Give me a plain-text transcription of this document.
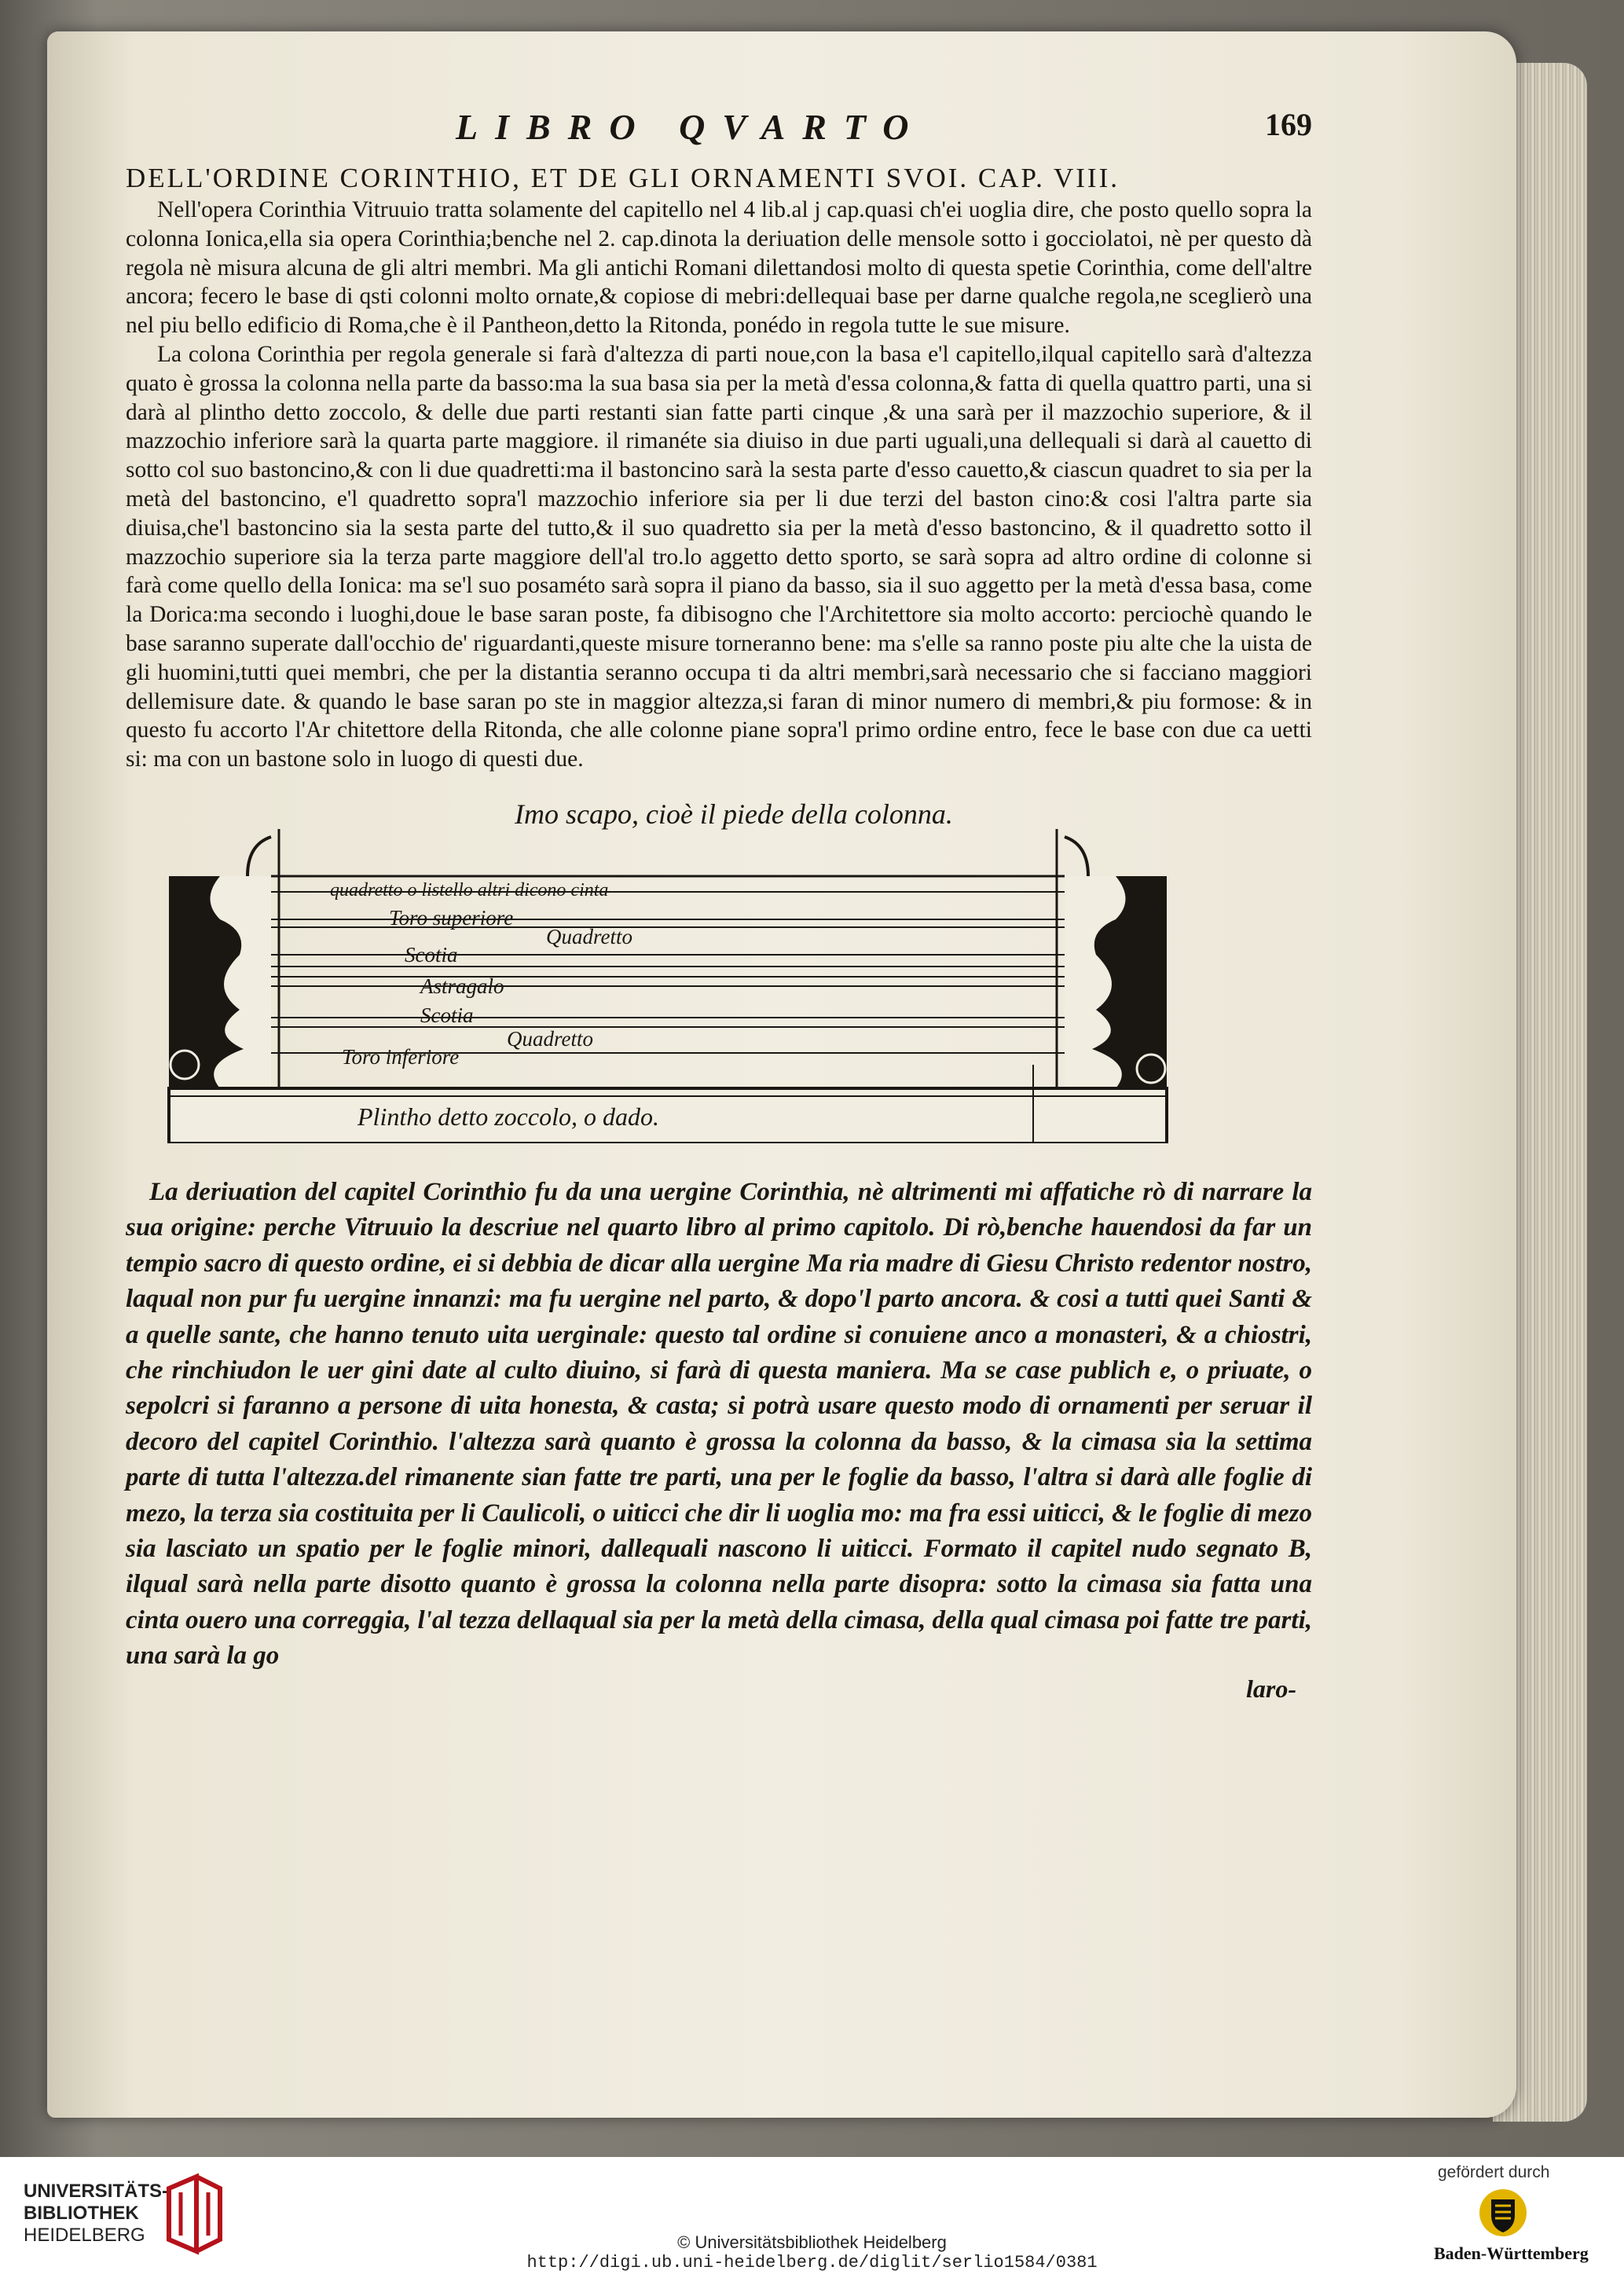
LIBRO QVARTO	169
DELL'ORDINE CORINTHIO, ET DE GLI ORNAMENTI SVOI. CAP. VIII.

Nell'opera Corinthia Vitruuio tratta solamente del capitello nel 4 lib.al j cap.quasi ch'ei uoglia dire, che posto quello sopra la colonna Ionica,ella sia opera Corinthia;benche nel 2. cap.dinota la deriuation delle mensole sotto i gocciolatoi, nè per questo dà regola nè misura alcuna de gli altri membri. Ma gli antichi Romani dilettandosi molto di questa spetie Corinthia, come dell'altre ancora; fecero le base di qsti colonni molto ornate,& copiose di mebri:dellequai base per darne qualche regola,ne sceglierò una nel piu bello edificio di Roma,che è il Pantheon,detto la Ritonda, ponédo in regola tutte le sue misure.

La colona Corinthia per regola generale si farà d'altezza di parti noue,con la basa e'l capitello,ilqual capitello sarà d'altezza quato è grossa la colonna nella parte da basso:ma la sua basa sia per la metà d'essa colonna,& fatta di quella quattro parti, una si darà al plintho detto zoccolo, & delle due parti restanti sian fatte parti cinque ,& una sarà per il mazzochio superiore, & il mazzochio inferiore sarà la quarta parte maggiore. il rimanéte sia diuiso in due parti uguali,una dellequali si darà al cauetto di sotto col suo bastoncino,& con li due quadretti:ma il bastoncino sarà la sesta parte d'esso cauetto,& ciascun quadret to sia per la metà del bastoncino, e'l quadretto sopra'l mazzochio inferiore sia per li due terzi del baston cino:& cosi l'altra parte sia diuisa,che'l bastoncino sia la sesta parte del tutto,& il suo quadretto sia per la metà d'esso bastoncino, & il quadretto sotto il mazzochio superiore sia la terza parte maggiore dell'al tro.lo aggetto detto sporto, se sarà sopra ad altro ordine di colonne si farà come quello della Ionica: ma se'l suo posaméto sarà sopra il piano da basso, sia il suo aggetto per la metà d'essa basa, come la Dorica:ma secondo i luoghi,doue le base saran poste, fa dibisogno che l'Architettore sia molto accorto: perciochè quando le base saranno superate dall'occhio de' riguardanti,queste misure torneranno bene: ma s'elle sa ranno poste piu alte che la uista de gli huomini,tutti quei membri, che per la distantia seranno occupa ti da altri membri,sarà necessario che si facciano maggiori dellemisure date. & quando le base saran po ste in maggior altezza,si faran di minor numero di membri,& piu formose: & in questo fu accorto l'Ar chitettore della Ritonda, che alle colonne piane sopra'l primo ordine entro, fece le base con due ca uetti si: ma con un bastone solo in luogo di questi due.

Imo scapo, cioè il piede della colonna.
quadretto o listello altri dicono cinta
Toro superiore
Quadretto
Scotia
Astragalo
Scotia
Quadretto
Toro inferiore
Plintho detto zoccolo, o dado.

La deriuation del capitel Corinthio fu da una uergine Corinthia, nè altrimenti mi affatiche rò di narrare la sua origine: perche Vitruuio la descriue nel quarto libro al primo capitolo. Di rò,benche hauendosi da far un tempio sacro di questo ordine, ei si debbia de dicar alla uergine Ma ria madre di Giesu Christo redentor nostro, laqual non pur fu uergine innanzi: ma fu uergine nel parto, & dopo'l parto ancora. & cosi a tutti quei Santi & a quelle sante, che hanno tenuto uita uerginale: questo tal ordine si conuiene anco a monasteri, & a chiostri, che rinchiudon le uer gini date al culto diuino, si farà di questa maniera. Ma se case publich e, o priuate, o sepolcri si faranno a persone di uita honesta, & casta; si potrà usare questo modo di ornamenti per seruar il decoro del capitel Corinthio. l'altezza sarà quanto è grossa la colonna da basso, & la cimasa sia la settima parte di tutta l'altezza.del rimanente sian fatte tre parti, una per le foglie da basso, l'altra si darà alle foglie di mezo, la terza sia costituita per li Caulicoli, o uiticci che dir li uoglia mo: ma fra essi uiticci, & le foglie di mezo sia lasciato un spatio per le foglie minori, dallequali nascono li uiticci. Formato il capitel nudo segnato B, ilqual sarà nella parte disotto quanto è grossa la colonna nella parte disopra: sotto la cimasa sia fatta una cinta ouero una correggia, l'al tezza dellaqual sia per la metà della cimasa, della qual cimasa poi fatte tre parti, una sarà la go

larо-
UNIVERSITÄTS-
BIBLIOTHEK
HEIDELBERG
gefördert durch
Baden-Württemberg
© Universitätsbibliothek Heidelberg
http://digi.ub.uni-heidelberg.de/diglit/serlio1584/0381
